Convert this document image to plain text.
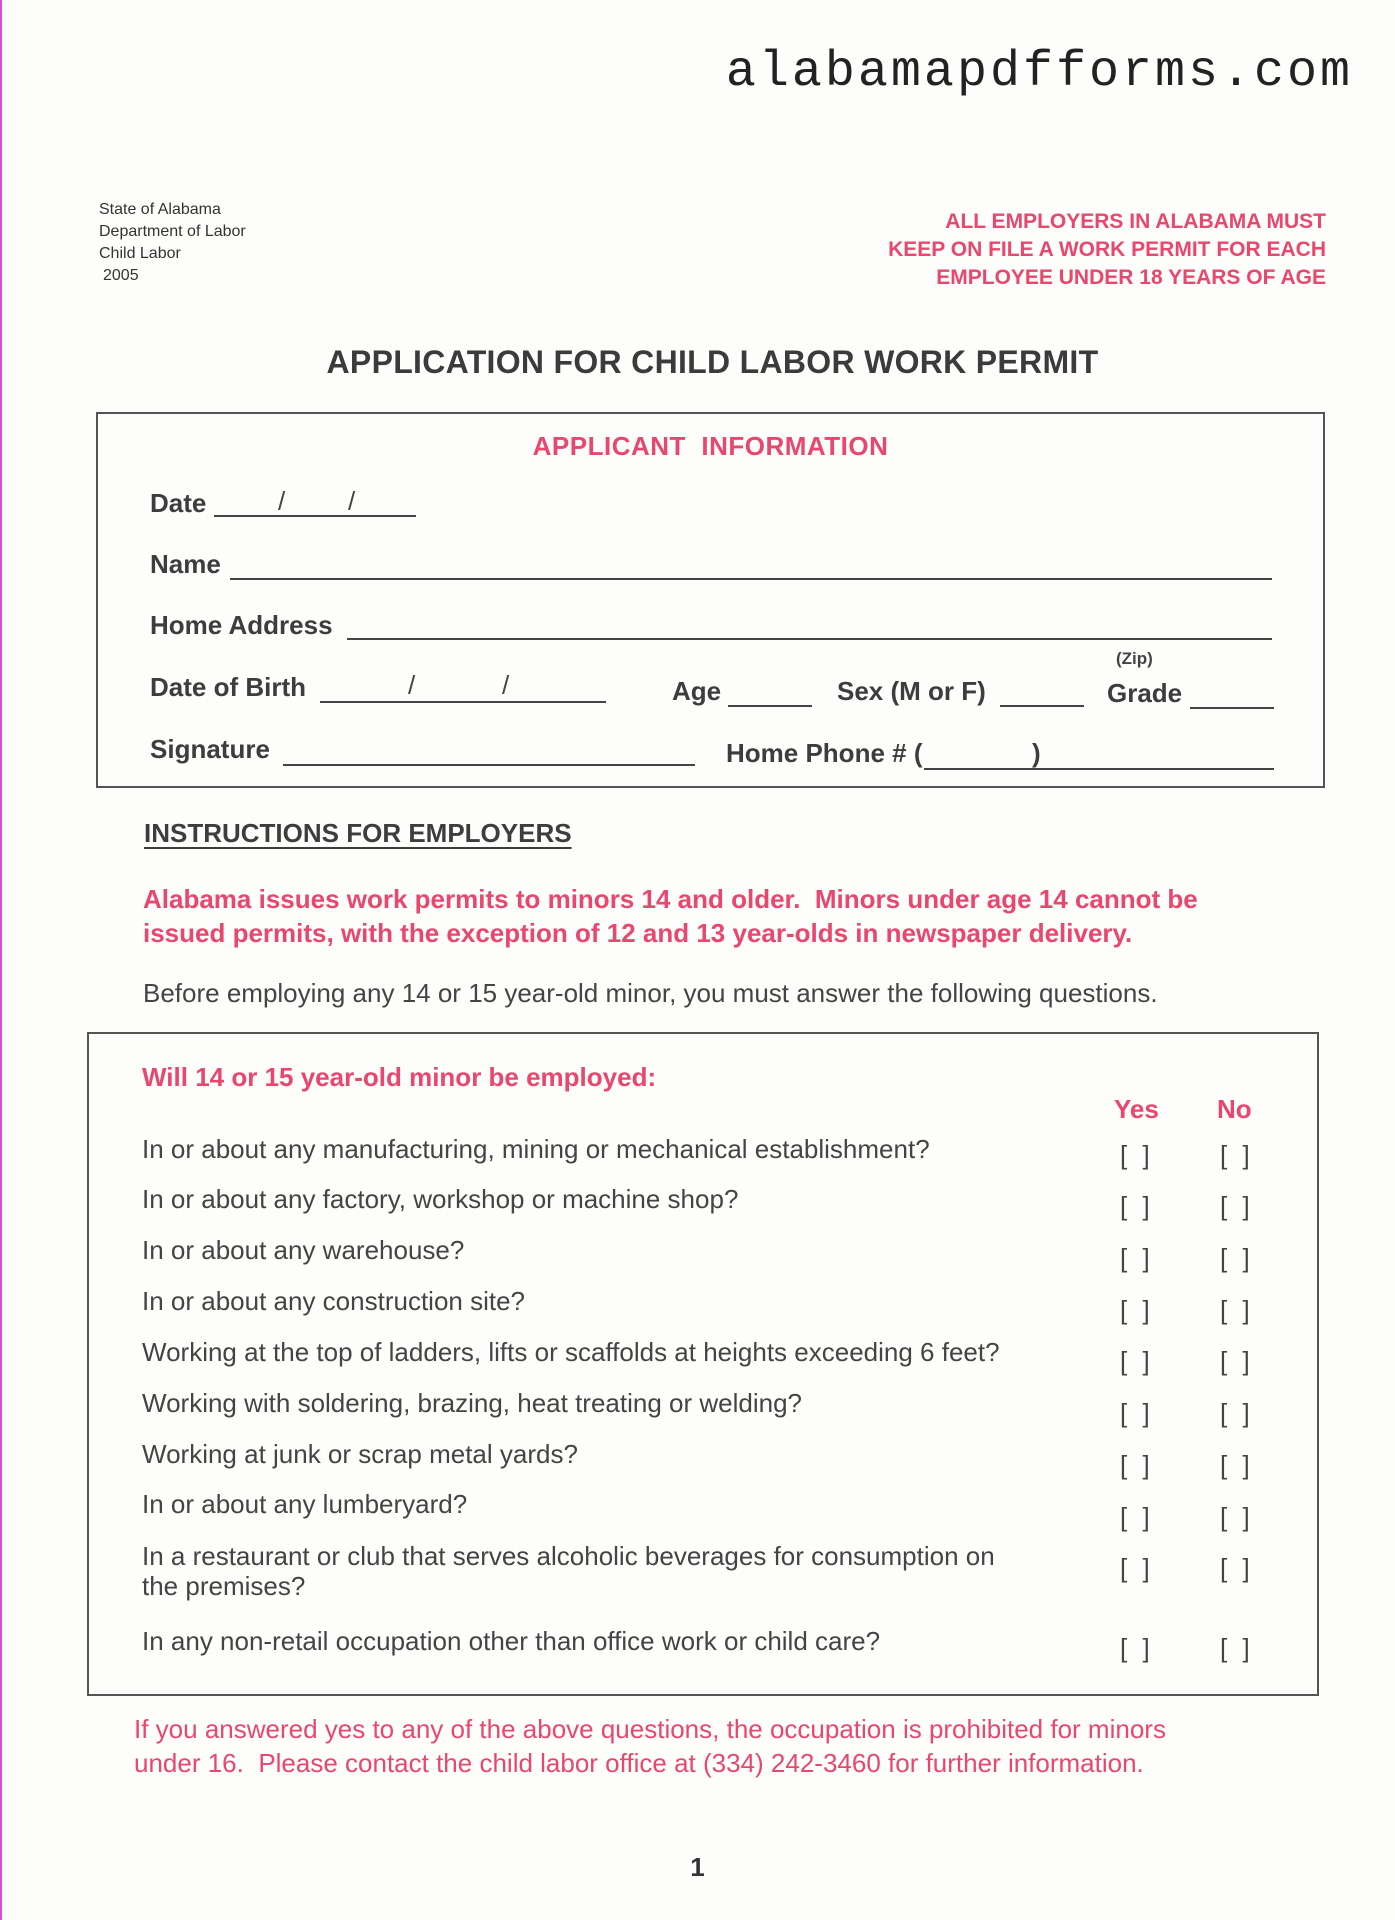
alabamapdfforms.com
State of Alabama
Department of Labor
Child Labor
2005
ALL EMPLOYERS IN ALABAMA MUST
KEEP ON FILE A WORK PERMIT FOR EACH
EMPLOYEE UNDER 18 YEARS OF AGE
APPLICATION FOR CHILD LABOR WORK PERMIT
APPLICANT  INFORMATION
Date	/ /
Name
Home Address
(Zip)
Date of Birth	/	/	Age	Sex (M or F)	Grade
Signature	Home Phone # (	)
INSTRUCTIONS FOR EMPLOYERS
Alabama issues work permits to minors 14 and older.  Minors under age 14 cannot be
issued permits, with the exception of 12 and 13 year-olds in newspaper delivery.
Before employing any 14 or 15 year-old minor, you must answer the following questions.
Will 14 or 15 year-old minor be employed:
Yes No
In or about any manufacturing, mining or mechanical establishment?	[ ]	[ ]
In or about any factory, workshop or machine shop?	[ ]	[ ]
In or about any warehouse?	[ ]	[ ]
In or about any construction site?	[ ]	[ ]
Working at the top of ladders, lifts or scaffolds at heights exceeding 6 feet?	[ ]	[ ]
Working with soldering, brazing, heat treating or welding?	[ ]	[ ]
Working at junk or scrap metal yards?	[ ]	[ ]
In or about any lumberyard?	[ ]	[ ]
In a restaurant or club that serves alcoholic beverages for consumption on the premises?
[ ]	[ ]
In any non-retail occupation other than office work or child care?	[ ]	[ ]
If you answered yes to any of the above questions, the occupation is prohibited for minors
under 16.  Please contact the child labor office at (334) 242-3460 for further information.
1
